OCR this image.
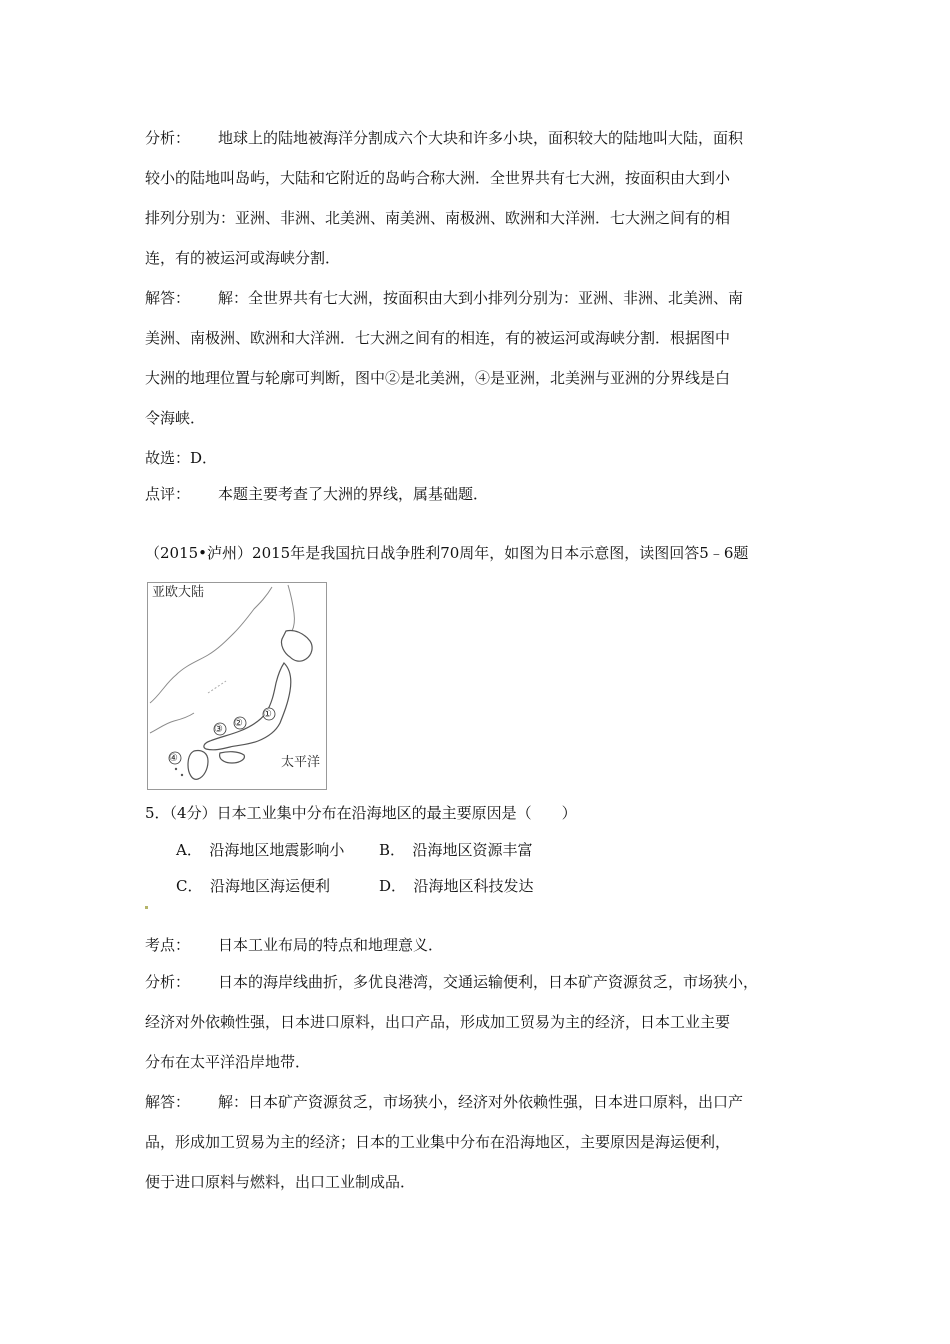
分析： 地球上的陆地被海洋分割成六个大块和许多小块，面积较大的陆地叫大陆，面积
较小的陆地叫岛屿，大陆和它附近的岛屿合称大洲．全世界共有七大洲，按面积由大到小
排列分别为：亚洲、非洲、北美洲、南美洲、南极洲、欧洲和大洋洲．七大洲之间有的相
连，有的被运河或海峡分割．
解答： 解：全世界共有七大洲，按面积由大到小排列分别为：亚洲、非洲、北美洲、南
美洲、南极洲、欧洲和大洋洲．七大洲之间有的相连，有的被运河或海峡分割．根据图中
大洲的地理位置与轮廓可判断，图中②是北美洲，④是亚洲，北美洲与亚洲的分界线是白
令海峡．
故选：D．
点评： 本题主要考查了大洲的界线，属基础题．
（2015•泸州）2015年是我国抗日战争胜利70周年，如图为日本示意图，读图回答5﹣6题
亚欧大陆
太平洋
①
②
③
④
5．（4分）日本工业集中分布在沿海地区的最主要原因是（　　）
A．　沿海地区地震影响小 B．　沿海地区资源丰富
C．　沿海地区海运便利	D．　沿海地区科技发达
考点： 日本工业布局的特点和地理意义．
分析： 日本的海岸线曲折，多优良港湾，交通运输便利，日本矿产资源贫乏，市场狭小，
经济对外依赖性强，日本进口原料，出口产品，形成加工贸易为主的经济，日本工业主要
分布在太平洋沿岸地带．
解答： 解：日本矿产资源贫乏，市场狭小，经济对外依赖性强，日本进口原料，出口产
品，形成加工贸易为主的经济；日本的工业集中分布在沿海地区，主要原因是海运便利，
便于进口原料与燃料，出口工业制成品．
